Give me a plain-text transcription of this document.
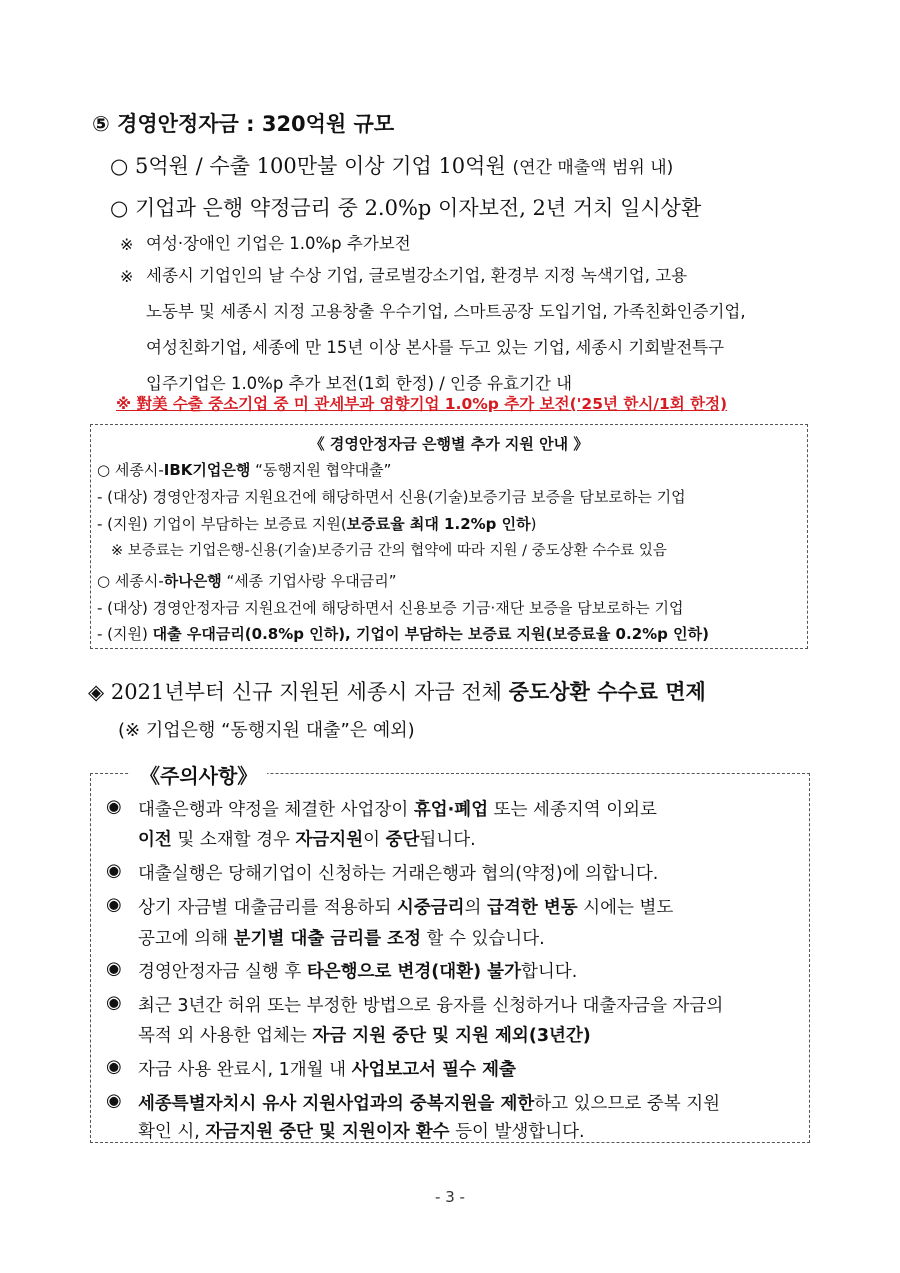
⑤ 경영안정자금 : 320억원 규모
○ 5억원 / 수출 100만불 이상 기업 10억원 (연간 매출액 범위 내)
○ 기업과 은행 약정금리 중 2.0%p 이자보전, 2년 거치 일시상환
※ 여성·장애인 기업은 1.0%p 추가보전
※ 세종시 기업인의 날 수상 기업, 글로벌강소기업, 환경부 지정 녹색기업, 고용
노동부 및 세종시 지정 고용창출 우수기업, 스마트공장 도입기업, 가족친화인증기업,
여성친화기업, 세종에 만 15년 이상 본사를 두고 있는 기업, 세종시 기회발전특구
입주기업은 1.0%p 추가 보전(1회 한정) / 인증 유효기간 내
※ 對美 수출 중소기업 중 미 관세부과 영향기업 1.0%p 추가 보전('25년 한시/1회 한정)
《 경영안정자금 은행별 추가 지원 안내 》
○ 세종시-IBK기업은행 “동행지원 협약대출”
- (대상) 경영안정자금 지원요건에 해당하면서 신용(기술)보증기금 보증을 담보로하는 기업
- (지원) 기업이 부담하는 보증료 지원(보증료율 최대 1.2%p 인하)
※ 보증료는 기업은행-신용(기술)보증기금 간의 협약에 따라 지원 / 중도상환 수수료 있음
○ 세종시-하나은행 “세종 기업사랑 우대금리”
- (대상) 경영안정자금 지원요건에 해당하면서 신용보증 기금·재단 보증을 담보로하는 기업
- (지원) 대출 우대금리(0.8%p 인하), 기업이 부담하는 보증료 지원(보증료율 0.2%p 인하)
◈ 2021년부터 신규 지원된 세종시 자금 전체 중도상환 수수료 면제
(※ 기업은행 “동행지원 대출”은 예외)
《주의사항》
◉ 대출은행과 약정을 체결한 사업장이 휴업·폐업 또는 세종지역 이외로
이전 및 소재할 경우 자금지원이 중단됩니다.
◉ 대출실행은 당해기업이 신청하는 거래은행과 협의(약정)에 의합니다.
◉ 상기 자금별 대출금리를 적용하되 시중금리의 급격한 변동 시에는 별도
공고에 의해 분기별 대출 금리를 조정 할 수 있습니다.
◉ 경영안정자금 실행 후 타은행으로 변경(대환) 불가합니다.
◉ 최근 3년간 허위 또는 부정한 방법으로 융자를 신청하거나 대출자금을 자금의
목적 외 사용한 업체는 자금 지원 중단 및 지원 제외(3년간)
◉ 자금 사용 완료시, 1개월 내 사업보고서 필수 제출
◉ 세종특별자치시 유사 지원사업과의 중복지원을 제한하고 있으므로 중복 지원
확인 시, 자금지원 중단 및 지원이자 환수 등이 발생합니다.
- 3 -
